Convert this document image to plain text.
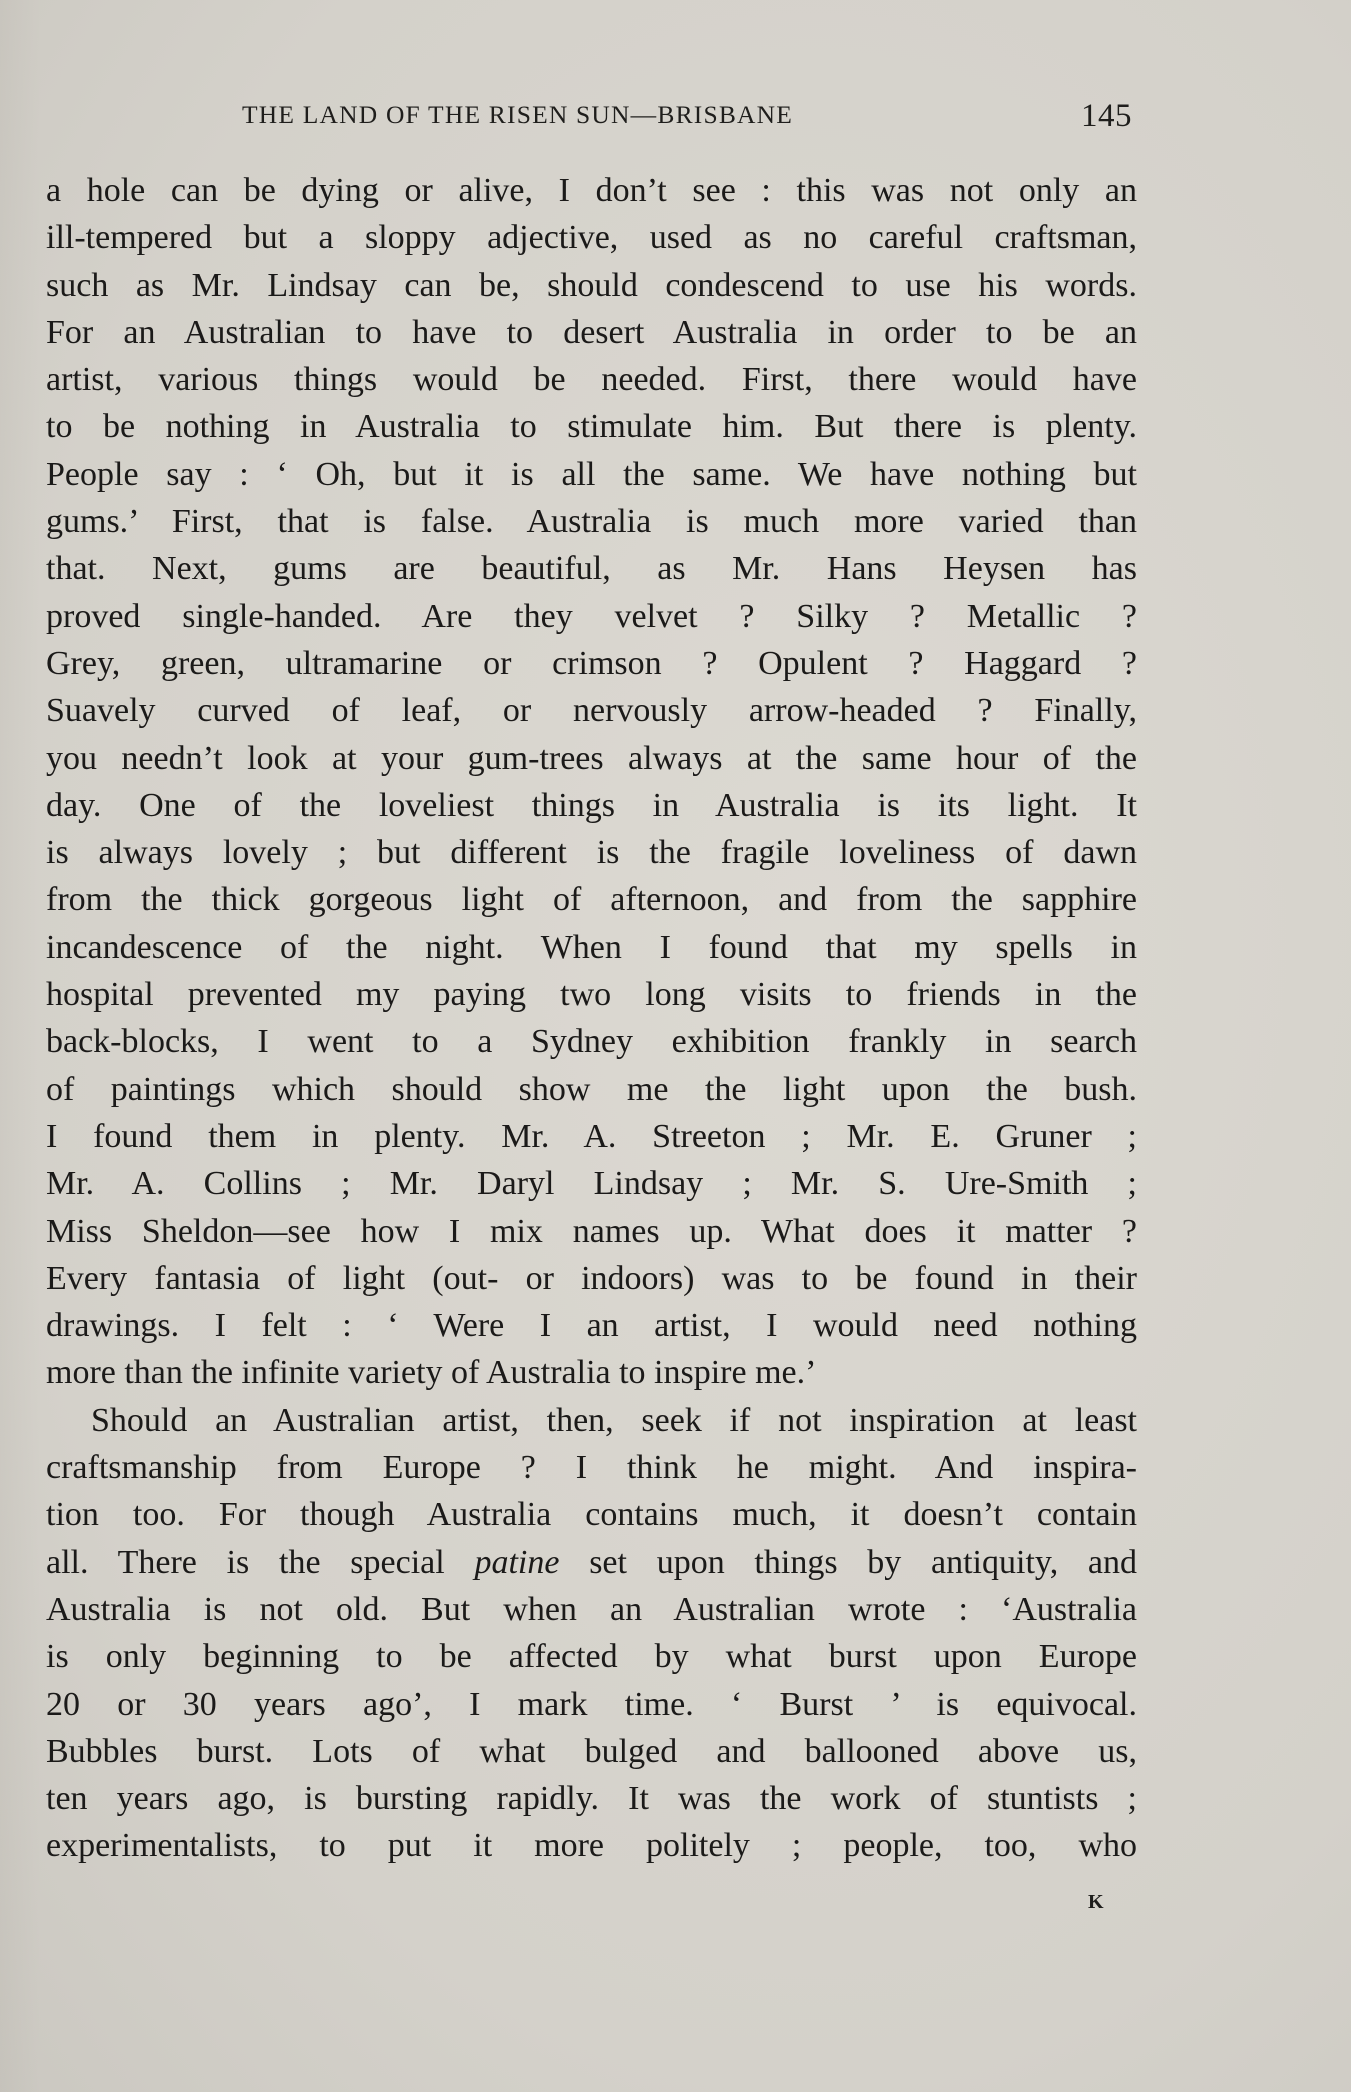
THE LAND OF THE RISEN SUN—BRISBANE	145
a hole can be dying or alive, I don’t see : this was not only an
ill-tempered but a sloppy adjective, used as no careful craftsman,
such as Mr. Lindsay can be, should condescend to use his words.
For an Australian to have to desert Australia in order to be an
artist, various things would be needed. First, there would have
to be nothing in Australia to stimulate him. But there is plenty.
People say : ‘ Oh, but it is all the same. We have nothing but
gums.’ First, that is false. Australia is much more varied than
that. Next, gums are beautiful, as Mr. Hans Heysen has
proved single-handed. Are they velvet ? Silky ? Metallic ?
Grey, green, ultramarine or crimson ? Opulent ? Haggard ?
Suavely curved of leaf, or nervously arrow-headed ? Finally,
you needn’t look at your gum-trees always at the same hour of the
day. One of the loveliest things in Australia is its light. It
is always lovely ; but different is the fragile loveliness of dawn
from the thick gorgeous light of afternoon, and from the sapphire
incandescence of the night. When I found that my spells in
hospital prevented my paying two long visits to friends in the
back-blocks, I went to a Sydney exhibition frankly in search
of paintings which should show me the light upon the bush.
I found them in plenty. Mr. A. Streeton ; Mr. E. Gruner ;
Mr. A. Collins ; Mr. Daryl Lindsay ; Mr. S. Ure-Smith ;
Miss Sheldon—see how I mix names up. What does it matter ?
Every fantasia of light (out- or indoors) was to be found in their
drawings. I felt : ‘ Were I an artist, I would need nothing
more than the infinite variety of Australia to inspire me.’
Should an Australian artist, then, seek if not inspiration at least
craftsmanship from Europe ? I think he might. And inspira-
tion too. For though Australia contains much, it doesn’t contain
all. There is the special patine set upon things by antiquity, and
Australia is not old. But when an Australian wrote : ‘Australia
is only beginning to be affected by what burst upon Europe
20 or 30 years ago’, I mark time. ‘ Burst ’ is equivocal.
Bubbles burst. Lots of what bulged and ballooned above us,
ten years ago, is bursting rapidly. It was the work of stuntists ;
experimentalists, to put it more politely ; people, too, who
K
